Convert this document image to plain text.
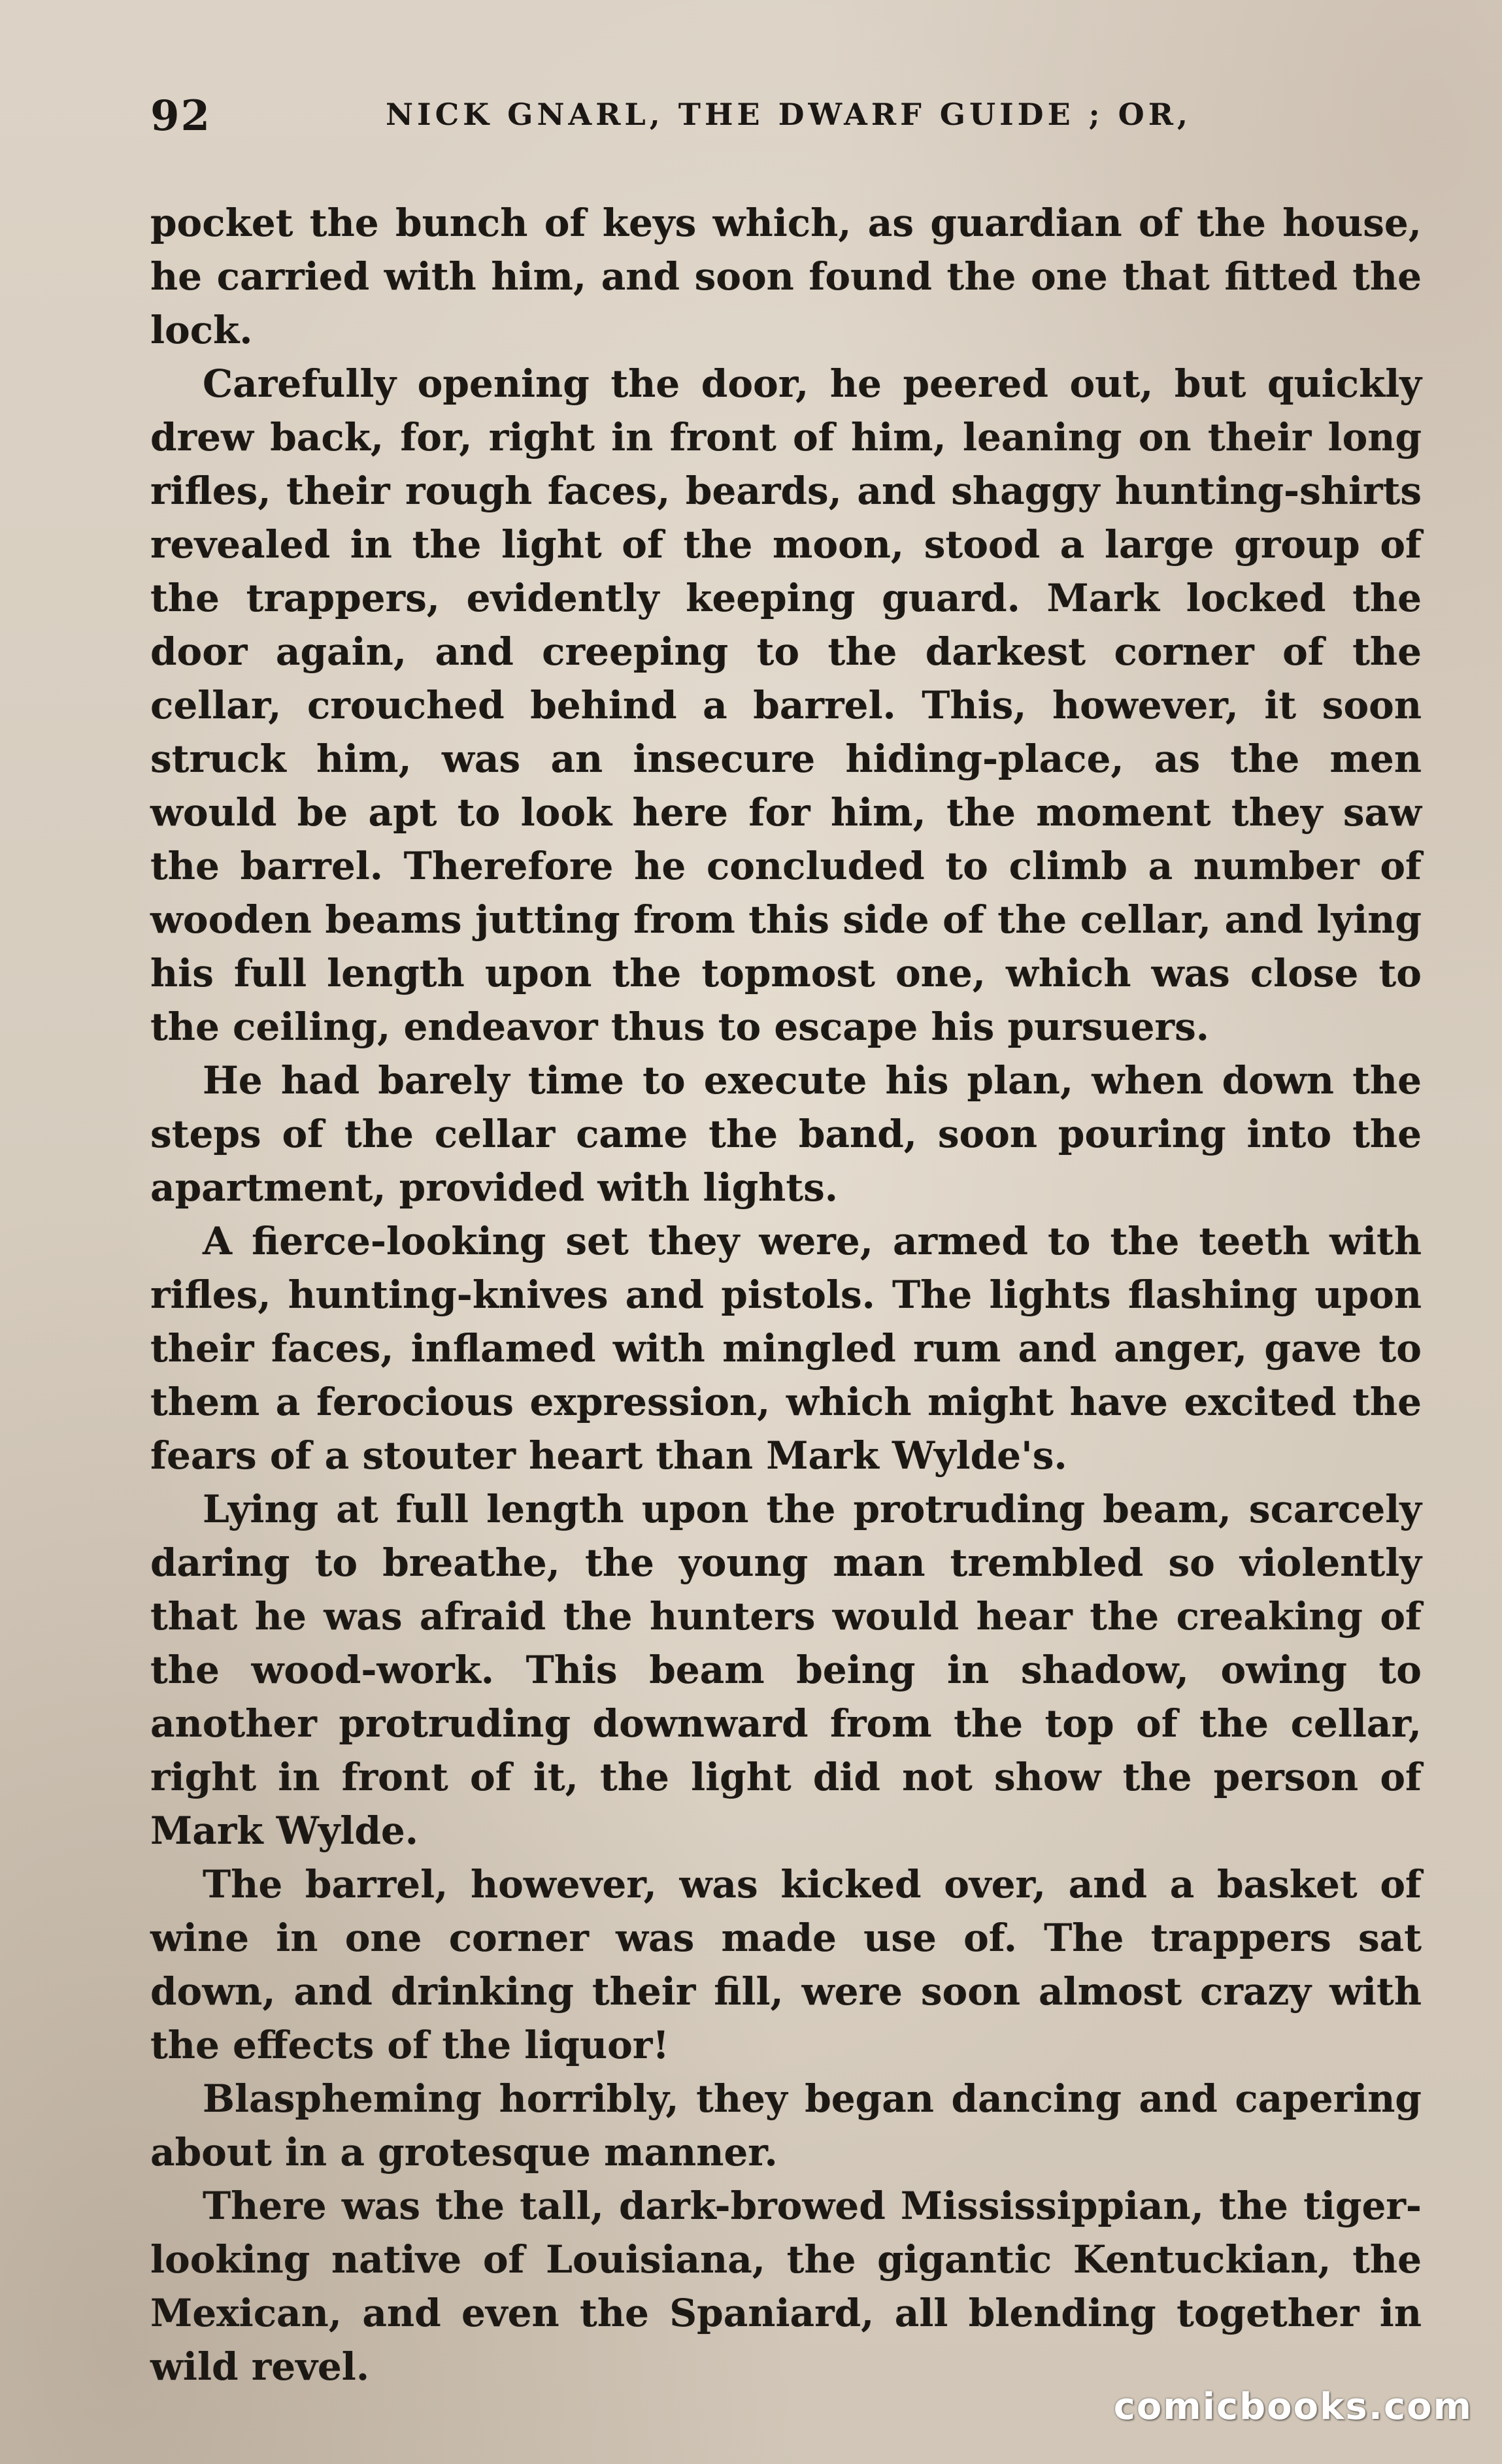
92	NICK GNARL, THE DWARF GUIDE ; OR,

pocket the bunch of keys which, as guardian of the house, he carried with him, and soon found the one that fitted the lock.

Carefully opening the door, he peered out, but quickly drew back, for, right in front of him, leaning on their long rifles, their rough faces, beards, and shaggy hunting-shirts revealed in the light of the moon, stood a large group of the trappers, evidently keeping guard. Mark locked the door again, and creeping to the darkest corner of the cellar, crouched behind a barrel. This, however, it soon struck him, was an insecure hiding-place, as the men would be apt to look here for him, the moment they saw the barrel. Therefore he concluded to climb a number of wooden beams jutting from this side of the cellar, and lying his full length upon the topmost one, which was close to the ceiling, endeavor thus to escape his pursuers.

He had barely time to execute his plan, when down the steps of the cellar came the band, soon pouring into the apartment, provided with lights.

A fierce-looking set they were, armed to the teeth with rifles, hunting-knives and pistols. The lights flashing upon their faces, inflamed with mingled rum and anger, gave to them a ferocious expression, which might have excited the fears of a stouter heart than Mark Wylde's.

Lying at full length upon the protruding beam, scarcely daring to breathe, the young man trembled so violently that he was afraid the hunters would hear the creaking of the wood-work. This beam being in shadow, owing to another protruding downward from the top of the cellar, right in front of it, the light did not show the person of Mark Wylde.

The barrel, however, was kicked over, and a basket of wine in one corner was made use of. The trappers sat down, and drinking their fill, were soon almost crazy with the effects of the liquor!

Blaspheming horribly, they began dancing and capering about in a grotesque manner.

There was the tall, dark-browed Mississippian, the tiger-looking native of Louisiana, the gigantic Kentuckian, the Mexican, and even the Spaniard, all blending together in wild revel.

comicbooks.com
